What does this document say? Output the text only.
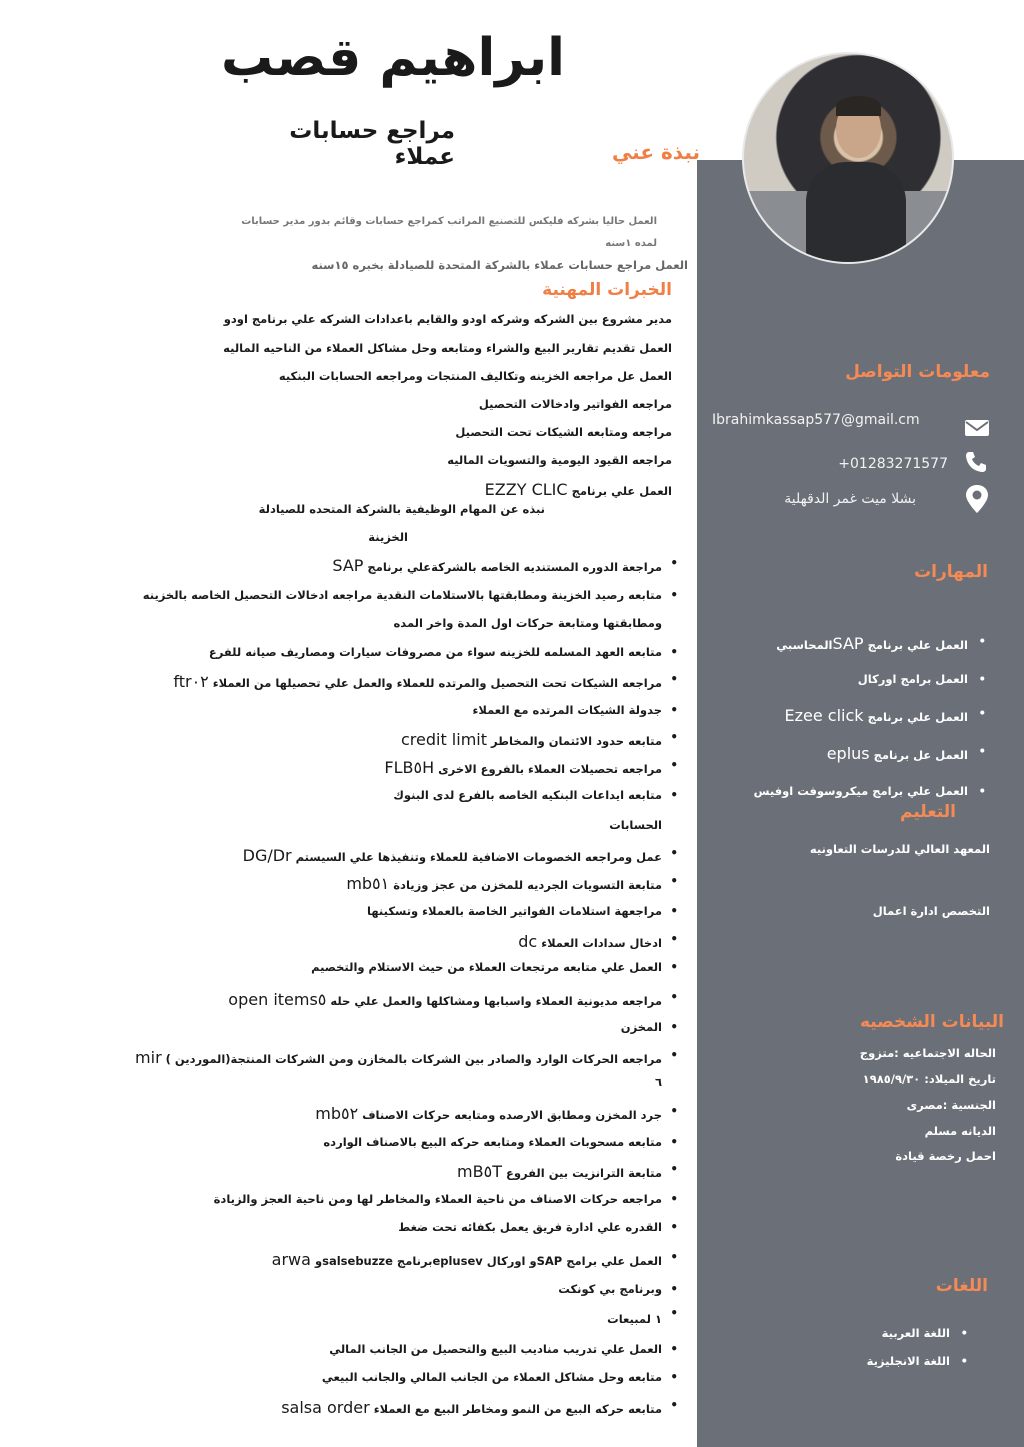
ابراهيم قصب
مراجع حسابات عملاء	نبذة عني
العمل حاليا بشركه فليكس للتصنيع المراتب كمراجع حسابات وقائم بدور مدير حسابات
لمده ١سنه
العمل مراجع حسابات عملاء بالشركة المتحدة للصيادلة بخبره ١٥سنه
الخبرات المهنية
مدير مشروع بين الشركه وشركه اودو والقايم باعدادات الشركه علي برنامج اودو
العمل تقديم تقارير البيع والشراء ومتابعه وحل مشاكل العملاء من الناحيه الماليه
العمل عل مراجعه الخزينه وتكاليف المنتجات ومراجعه الحسابات البنكيه
مراجعه الفواتير وادخالات التحصيل
مراجعه ومتابعه الشيكات تحت التحصيل
مراجعه القيود اليومية والتسويات الماليه
العمل علي برنامج EZZY CLIC
نبذه عن المهام الوظيفية بالشركة المتحده للصيادلة
الخزينة
• مراجعة الدوره المستنديه الخاصه بالشركةعلي برنامج SAP
• متابعه رصيد الخزينة ومطابقتها بالاستلامات النقدية مراجعه ادخالات التحصيل الخاصه بالخزينه
ومطابقتها ومتابعة حركات اول المدة واخر المده
• متابعه العهد المسلمه للخزينه سواء من مصروفات سيارات ومصاريف صيانه للفرع
• مراجعه الشيكات تحت التحصيل والمرتده للعملاء والعمل علي تحصيلها من العملاء ftr٠٢
• جدولة الشيكات المرتده مع العملاء
• متابعه حدود الائتمان والمخاطر credit limit
• مراجعه تحصيلات العملاء بالفروع الاخرى FLB٥H
• متابعه ايداعات البنكيه الخاصه بالفرع لدى البنوك
الحسابات
• عمل ومراجعه الخصومات الاضافية للعملاء وتنفيذها علي السيستم DG/Dr
• متابعة التسويات الجرديه للمخزن من عجز وزيادة mb٥١
• مراجعهة استلامات الفواتير الخاصة بالعملاء وتسكينها
• ادخال سدادات العملاء dc
• العمل علي متابعه مرتجعات العملاء من حيث الاستلام والتخصيم
• مراجعه مديونية العملاء واسبابها ومشاكلها والعمل علي حله open items٥
• المخزن
• مراجعه الحركات الوارد والصادر بين الشركات بالمخازن ومن الشركات المنتجة(الموردين ) mir
٦
• جرد المخزن ومطابق الارصده ومتابعه حركات الاصناف mb٥٢
• متابعه مسحوبات العملاء ومتابعه حركه البيع بالاصناف الوارده
• متابعة الترانزيت بين الفروع mB٥T
• مراجعه حركات الاصناف من ناحية العملاء والمخاطر لها ومن ناحية العجز والزيادة
• القدره علي ادارة فريق يعمل بكفائه تحت ضغط
• العمل علي برامج SAPو اوركال eplusevبرنامج salsebuzzeو arwa
• وبرنامج بي كونكت
١ لمبيعات
• العمل علي تدريب مناديب البيع والتحصيل من الجانب المالي
• متابعه وحل مشاكل العملاء من الجانب المالي والجانب البيعي
• متابعه حركه البيع من النمو ومخاطر البيع مع العملاء salsa order
معلومات التواصل
Ibrahimkassap577@gmail.cm
+01283271577
بشلا ميت غمر الدقهلية
المهارات
•
العمل علي برنامج SAPالمحاسبي
•
العمل برامج اوركال
•
العمل علي برنامج Ezee click
•
العمل عل برنامج eplus
•
العمل علي برامج ميكروسوفت اوفيس
التعليم
المعهد العالي للدرسات التعاونيه
التخصص ادارة اعمال
البيانات الشخصيه
الحاله الاجتماعيه :متزوج
تاريخ الميلاد: ١٩٨٥/٩/٣٠
الجنسية :مصرى
الديانه مسلم
احمل رخصة قيادة
اللغات
•
اللغة العربية
•
اللغة الانجليزية
